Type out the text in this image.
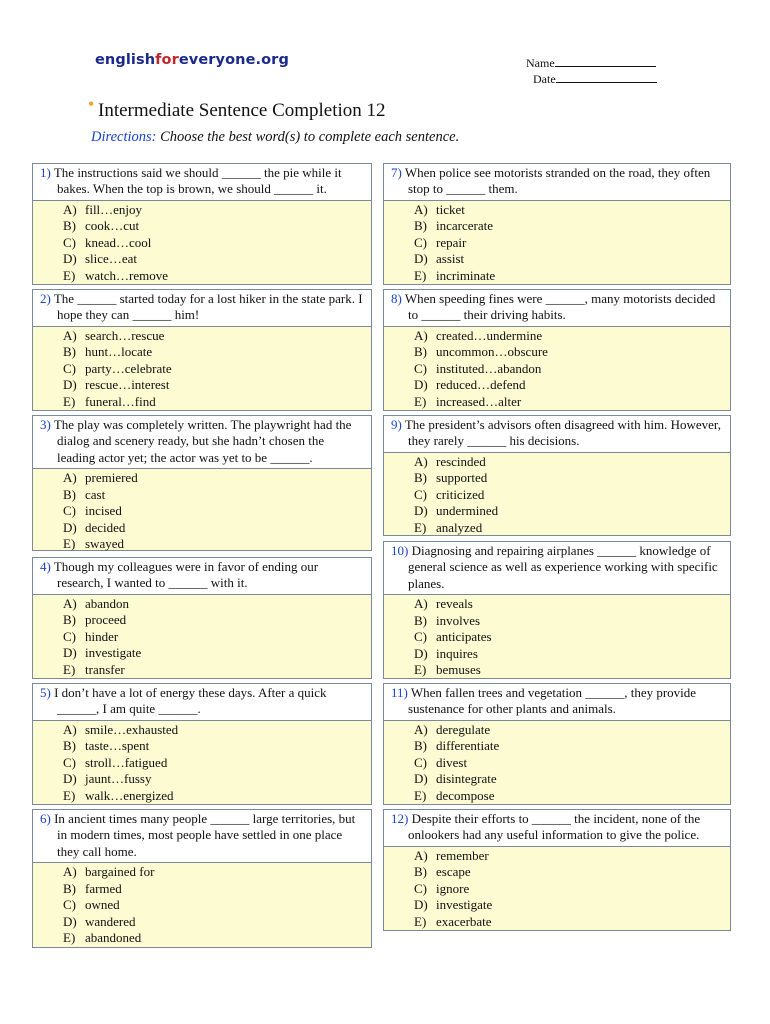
englishforeveryone.org	Name
Date
• Intermediate Sentence Completion 12
Directions: Choose the best word(s) to complete each sentence.
1) The instructions said we should ______ the pie while it bakes. When the top is brown, we should ______ it.
A) fill…enjoy
B) cook…cut
C) knead…cool
D) slice…eat
E) watch…remove
2) The ______ started today for a lost hiker in the state park. I hope they can ______ him!
A) search…rescue
B) hunt…locate
C) party…celebrate
D) rescue…interest
E) funeral…find
3) The play was completely written. The playwright had the dialog and scenery ready, but she hadn’t chosen the leading actor yet; the actor was yet to be ______.
A) premiered
B) cast
C) incised
D) decided
E) swayed
4) Though my colleagues were in favor of ending our research, I wanted to ______ with it.
A) abandon
B) proceed
C) hinder
D) investigate
E) transfer
5) I don’t have a lot of energy these days. After a quick ______, I am quite ______.
A) smile…exhausted
B) taste…spent
C) stroll…fatigued
D) jaunt…fussy
E) walk…energized
6) In ancient times many people ______ large territories, but in modern times, most people have settled in one place they call home.
A) bargained for
B) farmed
C) owned
D) wandered
E) abandoned
7) When police see motorists stranded on the road, they often stop to ______ them.
A) ticket
B) incarcerate
C) repair
D) assist
E) incriminate
8) When speeding fines were ______, many motorists decided to ______ their driving habits.
A) created…undermine
B) uncommon…obscure
C) instituted…abandon
D) reduced…defend
E) increased…alter
9) The president’s advisors often disagreed with him. However, they rarely ______ his decisions.
A) rescinded
B) supported
C) criticized
D) undermined
E) analyzed
10) Diagnosing and repairing airplanes ______ knowledge of general science as well as experience working with specific planes.
A) reveals
B) involves
C) anticipates
D) inquires
E) bemuses
11) When fallen trees and vegetation ______, they provide sustenance for other plants and animals.
A) deregulate
B) differentiate
C) divest
D) disintegrate
E) decompose
12) Despite their efforts to ______ the incident, none of the onlookers had any useful information to give the police.
A) remember
B) escape
C) ignore
D) investigate
E) exacerbate
